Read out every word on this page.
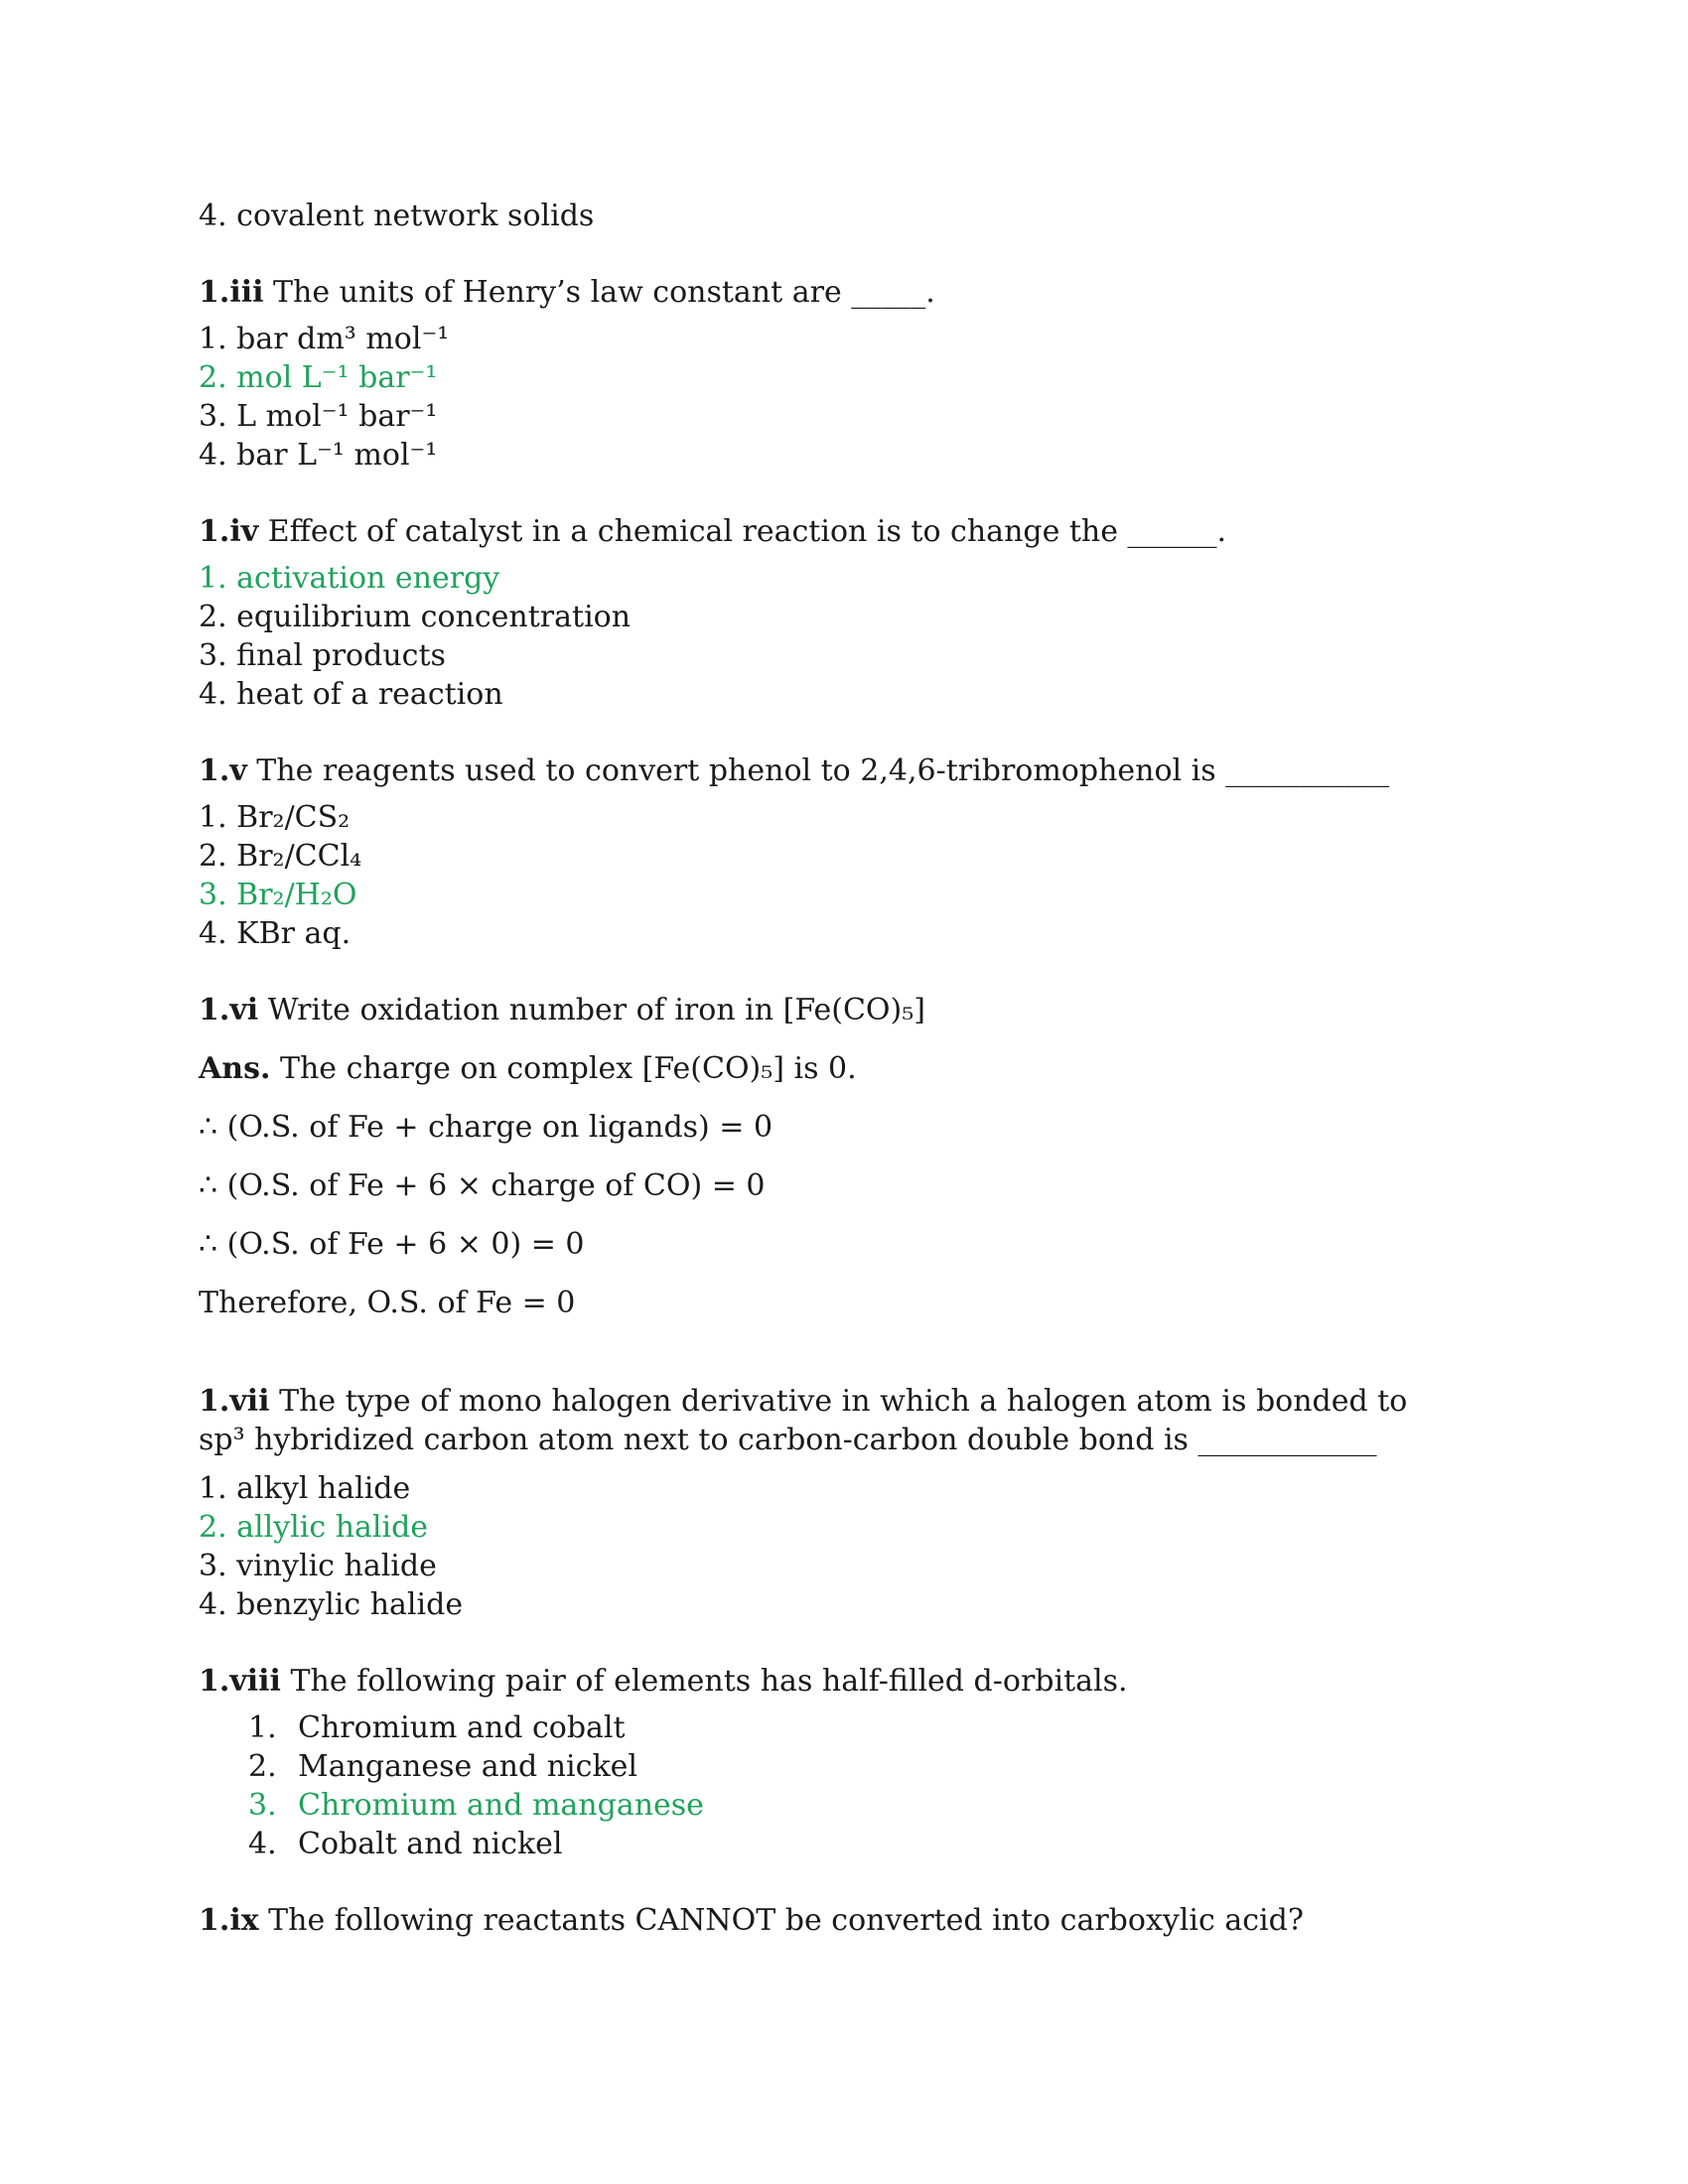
4. covalent network solids

1.iii The units of Henry’s law constant are _____.

1. bar dm³ mol⁻¹
2. mol L⁻¹ bar⁻¹
3. L mol⁻¹ bar⁻¹
4. bar L⁻¹ mol⁻¹

1.iv Effect of catalyst in a chemical reaction is to change the ______.

1. activation energy
2. equilibrium concentration
3. final products
4. heat of a reaction

1.v The reagents used to convert phenol to 2,4,6-tribromophenol is ___________

1. Br₂/CS₂
2. Br₂/CCl₄
3. Br₂/H₂O
4. KBr aq.

1.vi Write oxidation number of iron in [Fe(CO)₅]

Ans. The charge on complex [Fe(CO)₅] is 0.

∴ (O.S. of Fe + charge on ligands) = 0

∴ (O.S. of Fe + 6 × charge of CO) = 0

∴ (O.S. of Fe + 6 × 0) = 0

Therefore, O.S. of Fe = 0

1.vii The type of mono halogen derivative in which a halogen atom is bonded to

sp³ hybridized carbon atom next to carbon-carbon double bond is ____________

1. alkyl halide
2. allylic halide
3. vinylic halide
4. benzylic halide

1.viii The following pair of elements has half-filled d-orbitals.

1. Chromium and cobalt
2. Manganese and nickel
3. Chromium and manganese
4. Cobalt and nickel

1.ix The following reactants CANNOT be converted into carboxylic acid?
